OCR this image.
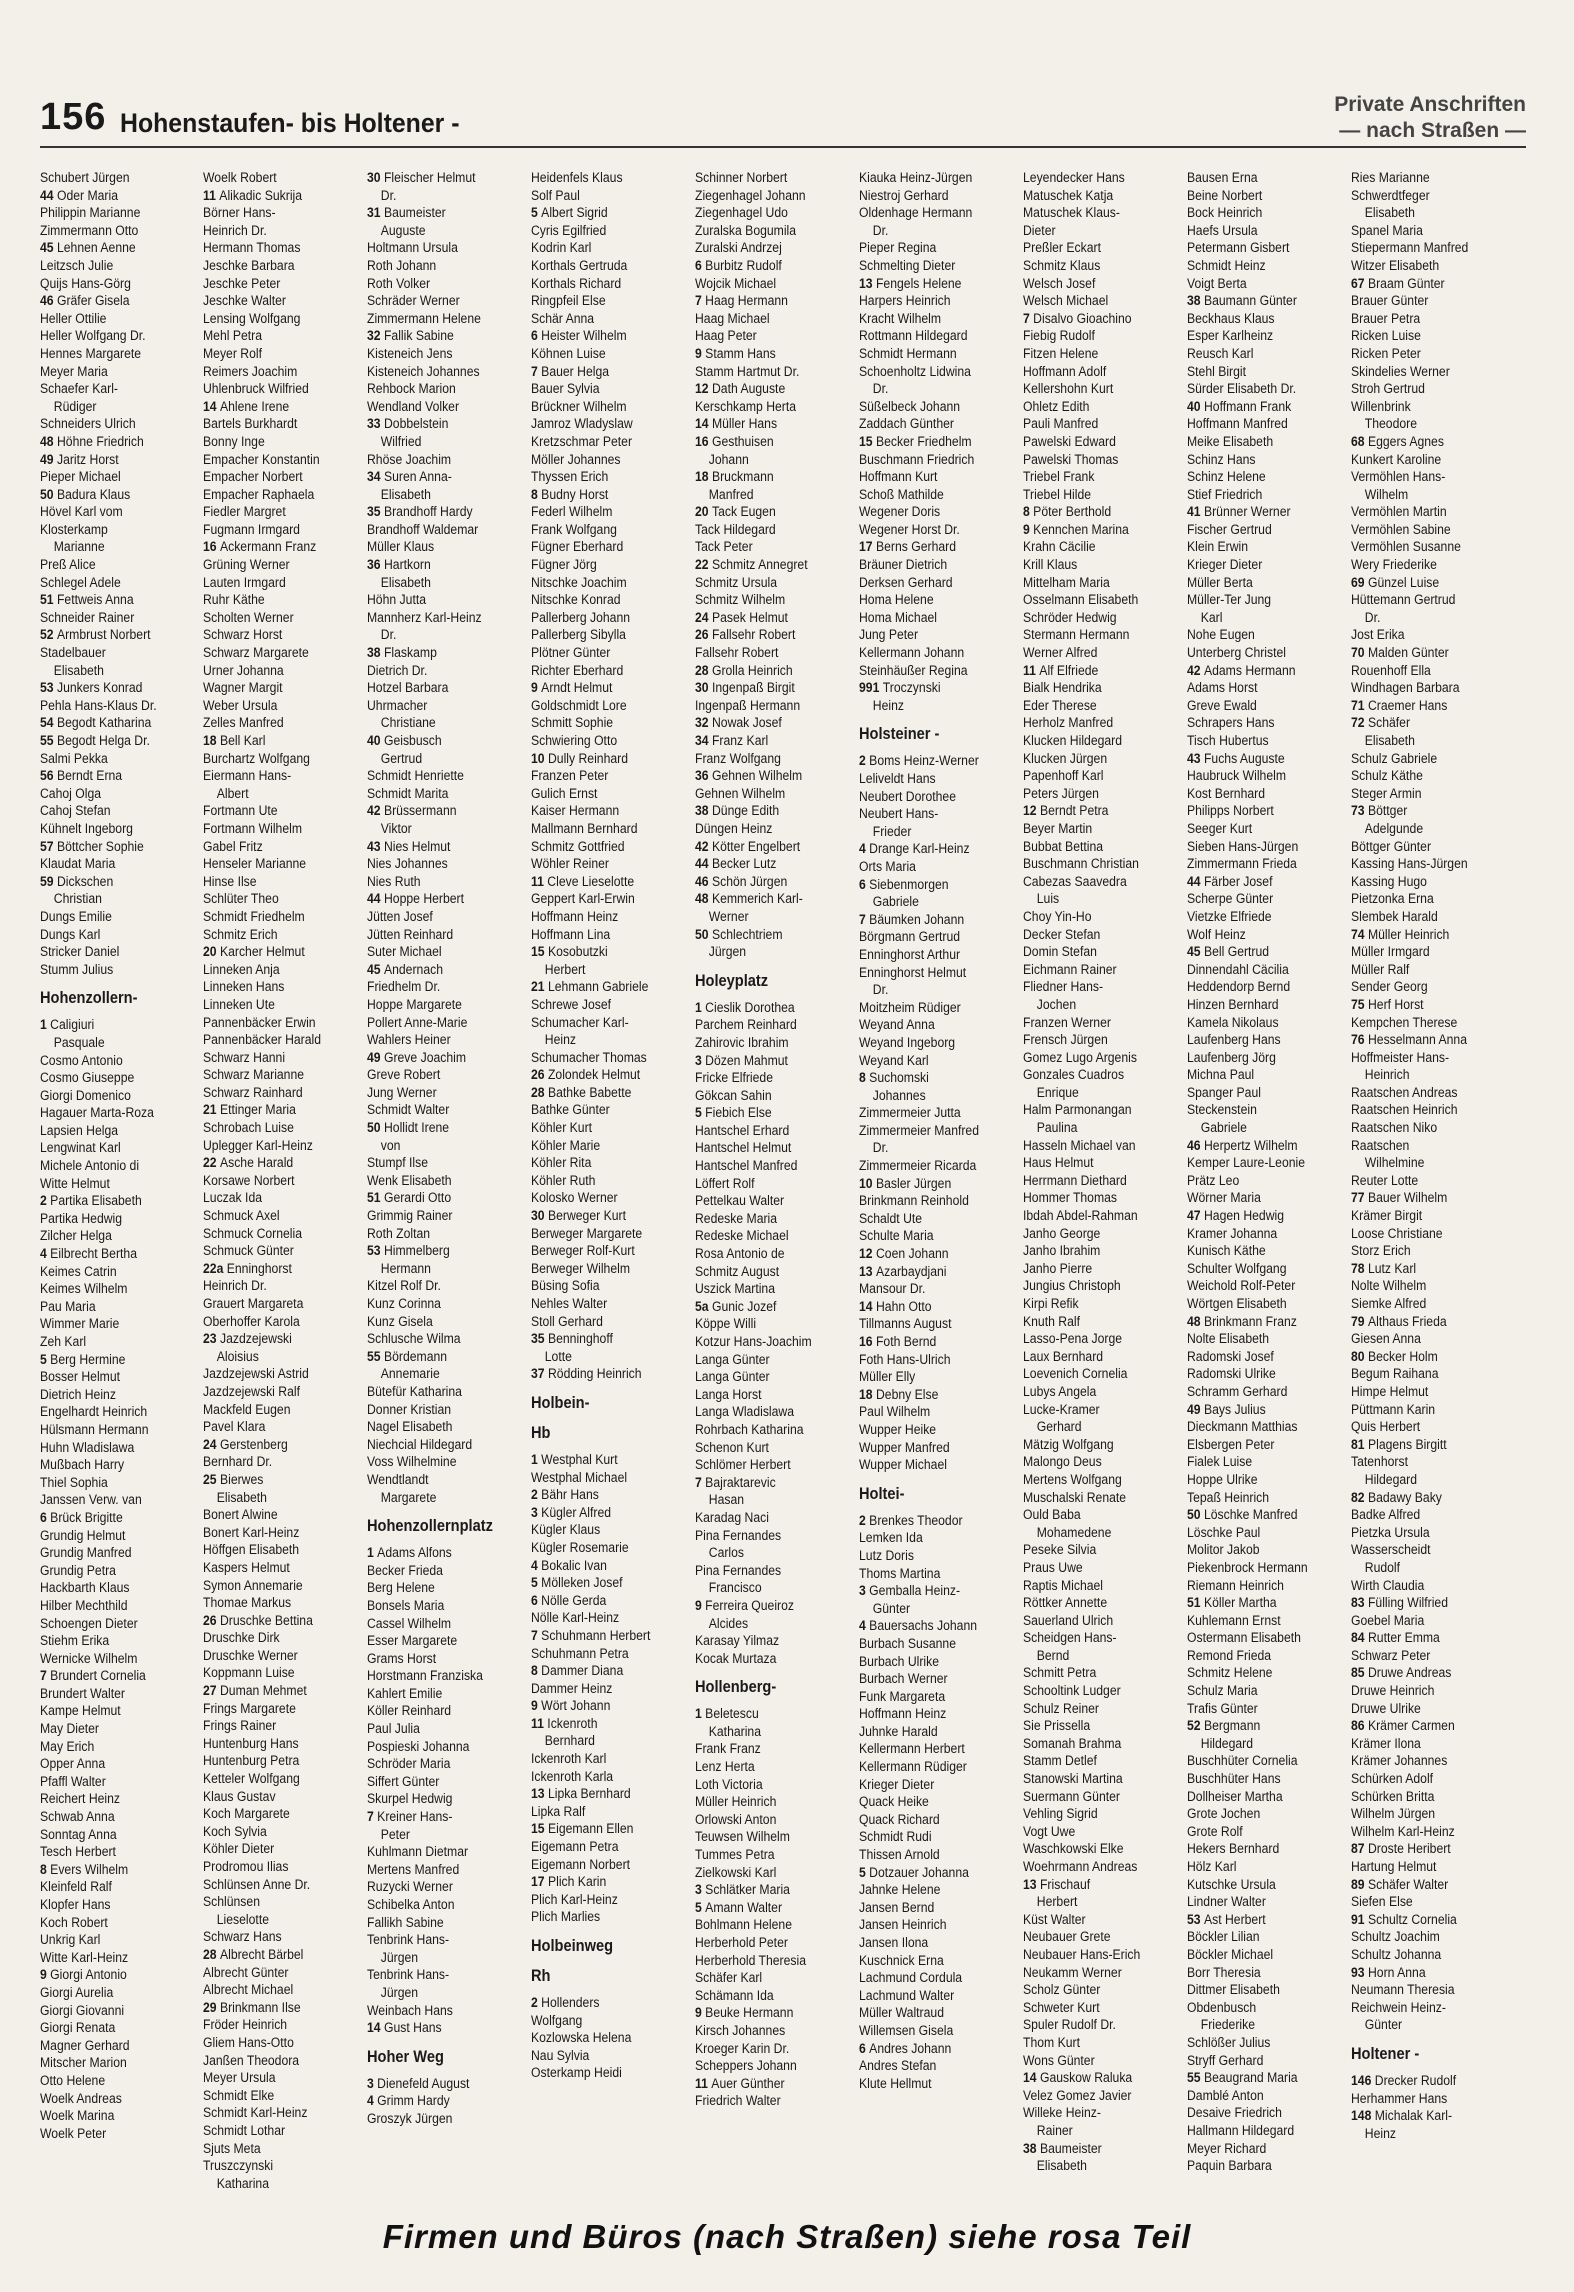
156 Hohenstaufen- bis Holtener -
Private Anschriften
— nach Straßen —
Schubert Jürgen
44 Oder Maria
Philippin Marianne
Zimmermann Otto
45 Lehnen Aenne
Leitzsch Julie
Quijs Hans-Görg
46 Gräfer Gisela
Heller Ottilie
Heller Wolfgang Dr.
Hennes Margarete
Meyer Maria
Schaefer Karl-
Rüdiger
Schneiders Ulrich
48 Höhne Friedrich
49 Jaritz Horst
Pieper Michael
50 Badura Klaus
Hövel Karl vom
Klosterkamp
Marianne
Preß Alice
Schlegel Adele
51 Fettweis Anna
Schneider Rainer
52 Armbrust Norbert
Stadelbauer
Elisabeth
53 Junkers Konrad
Pehla Hans-Klaus Dr.
54 Begodt Katharina
55 Begodt Helga Dr.
Salmi Pekka
56 Berndt Erna
Cahoj Olga
Cahoj Stefan
Kühnelt Ingeborg
57 Böttcher Sophie
Klaudat Maria
59 Dickschen
Christian
Dungs Emilie
Dungs Karl
Stricker Daniel
Stumm Julius
Hohenzollern-
1 Caligiuri
Pasquale
Cosmo Antonio
Cosmo Giuseppe
Giorgi Domenico
Hagauer Marta-Roza
Lapsien Helga
Lengwinat Karl
Michele Antonio di
Witte Helmut
2 Partika Elisabeth
Partika Hedwig
Zilcher Helga
4 Eilbrecht Bertha
Keimes Catrin
Keimes Wilhelm
Pau Maria
Wimmer Marie
Zeh Karl
5 Berg Hermine
Bosser Helmut
Dietrich Heinz
Engelhardt Heinrich
Hülsmann Hermann
Huhn Wladislawa
Mußbach Harry
Thiel Sophia
Janssen Verw. van
6 Brück Brigitte
Grundig Helmut
Grundig Manfred
Grundig Petra
Hackbarth Klaus
Hilber Mechthild
Schoengen Dieter
Stiehm Erika
Wernicke Wilhelm
7 Brundert Cornelia
Brundert Walter
Kampe Helmut
May Dieter
May Erich
Opper Anna
Pfaffl Walter
Reichert Heinz
Schwab Anna
Sonntag Anna
Tesch Herbert
8 Evers Wilhelm
Kleinfeld Ralf
Klopfer Hans
Koch Robert
Unkrig Karl
Witte Karl-Heinz
9 Giorgi Antonio
Giorgi Aurelia
Giorgi Giovanni
Giorgi Renata
Magner Gerhard
Mitscher Marion
Otto Helene
Woelk Andreas
Woelk Marina
Woelk Peter
Woelk Robert
11 Alikadic Sukrija
Börner Hans-
Heinrich Dr.
Hermann Thomas
Jeschke Barbara
Jeschke Peter
Jeschke Walter
Lensing Wolfgang
Mehl Petra
Meyer Rolf
Reimers Joachim
Uhlenbruck Wilfried
14 Ahlene Irene
Bartels Burkhardt
Bonny Inge
Empacher Konstantin
Empacher Norbert
Empacher Raphaela
Fiedler Margret
Fugmann Irmgard
16 Ackermann Franz
Grüning Werner
Lauten Irmgard
Ruhr Käthe
Scholten Werner
Schwarz Horst
Schwarz Margarete
Urner Johanna
Wagner Margit
Weber Ursula
Zelles Manfred
18 Bell Karl
Burchartz Wolfgang
Eiermann Hans-
Albert
Fortmann Ute
Fortmann Wilhelm
Gabel Fritz
Henseler Marianne
Hinse Ilse
Schlüter Theo
Schmidt Friedhelm
Schmitz Erich
20 Karcher Helmut
Linneken Anja
Linneken Hans
Linneken Ute
Pannenbäcker Erwin
Pannenbäcker Harald
Schwarz Hanni
Schwarz Marianne
Schwarz Rainhard
21 Ettinger Maria
Schrobach Luise
Uplegger Karl-Heinz
22 Asche Harald
Korsawe Norbert
Luczak Ida
Schmuck Axel
Schmuck Cornelia
Schmuck Günter
22a Enninghorst
Heinrich Dr.
Grauert Margareta
Oberhoffer Karola
23 Jazdzejewski
Aloisius
Jazdzejewski Astrid
Jazdzejewski Ralf
Mackfeld Eugen
Pavel Klara
24 Gerstenberg
Bernhard Dr.
25 Bierwes
Elisabeth
Bonert Alwine
Bonert Karl-Heinz
Höffgen Elisabeth
Kaspers Helmut
Symon Annemarie
Thomae Markus
26 Druschke Bettina
Druschke Dirk
Druschke Werner
Koppmann Luise
27 Duman Mehmet
Frings Margarete
Frings Rainer
Huntenburg Hans
Huntenburg Petra
Ketteler Wolfgang
Klaus Gustav
Koch Margarete
Koch Sylvia
Köhler Dieter
Prodromou Ilias
Schlünsen Anne Dr.
Schlünsen
Lieselotte
Schwarz Hans
28 Albrecht Bärbel
Albrecht Günter
Albrecht Michael
29 Brinkmann Ilse
Fröder Heinrich
Gliem Hans-Otto
Janßen Theodora
Meyer Ursula
Schmidt Elke
Schmidt Karl-Heinz
Schmidt Lothar
Sjuts Meta
Truszczynski
Katharina
30 Fleischer Helmut
Dr.
31 Baumeister
Auguste
Holtmann Ursula
Roth Johann
Roth Volker
Schräder Werner
Zimmermann Helene
32 Fallik Sabine
Kisteneich Jens
Kisteneich Johannes
Rehbock Marion
Wendland Volker
33 Dobbelstein
Wilfried
Rhöse Joachim
34 Suren Anna-
Elisabeth
35 Brandhoff Hardy
Brandhoff Waldemar
Müller Klaus
36 Hartkorn
Elisabeth
Höhn Jutta
Mannherz Karl-Heinz
Dr.
38 Flaskamp
Dietrich Dr.
Hotzel Barbara
Uhrmacher
Christiane
40 Geisbusch
Gertrud
Schmidt Henriette
Schmidt Marita
42 Brüssermann
Viktor
43 Nies Helmut
Nies Johannes
Nies Ruth
44 Hoppe Herbert
Jütten Josef
Jütten Reinhard
Suter Michael
45 Andernach
Friedhelm Dr.
Hoppe Margarete
Pollert Anne-Marie
Wahlers Heiner
49 Greve Joachim
Greve Robert
Jung Werner
Schmidt Walter
50 Hollidt Irene
von
Stumpf Ilse
Wenk Elisabeth
51 Gerardi Otto
Grimmig Rainer
Roth Zoltan
53 Himmelberg
Hermann
Kitzel Rolf Dr.
Kunz Corinna
Kunz Gisela
Schlusche Wilma
55 Bördemann
Annemarie
Bütefür Katharina
Donner Kristian
Nagel Elisabeth
Niechcial Hildegard
Voss Wilhelmine
Wendtlandt
Margarete
Hohenzollernplatz
1 Adams Alfons
Becker Frieda
Berg Helene
Bonsels Maria
Cassel Wilhelm
Esser Margarete
Grams Horst
Horstmann Franziska
Kahlert Emilie
Köller Reinhard
Paul Julia
Pospieski Johanna
Schröder Maria
Siffert Günter
Skurpel Hedwig
7 Kreiner Hans-
Peter
Kuhlmann Dietmar
Mertens Manfred
Ruzycki Werner
Schibelka Anton
Fallikh Sabine
Tenbrink Hans-
Jürgen
Tenbrink Hans-
Jürgen
Weinbach Hans
14 Gust Hans
Hoher Weg
3 Dienefeld August
4 Grimm Hardy
Groszyk Jürgen
Heidenfels Klaus
Solf Paul
5 Albert Sigrid
Cyris Egilfried
Kodrin Karl
Korthals Gertruda
Korthals Richard
Ringpfeil Else
Schär Anna
6 Heister Wilhelm
Köhnen Luise
7 Bauer Helga
Bauer Sylvia
Brückner Wilhelm
Jamroz Wladyslaw
Kretzschmar Peter
Möller Johannes
Thyssen Erich
8 Budny Horst
Federl Wilhelm
Frank Wolfgang
Fügner Eberhard
Fügner Jörg
Nitschke Joachim
Nitschke Konrad
Pallerberg Johann
Pallerberg Sibylla
Plötner Günter
Richter Eberhard
9 Arndt Helmut
Goldschmidt Lore
Schmitt Sophie
Schwiering Otto
10 Dully Reinhard
Franzen Peter
Gulich Ernst
Kaiser Hermann
Mallmann Bernhard
Schmitz Gottfried
Wöhler Reiner
11 Cleve Lieselotte
Geppert Karl-Erwin
Hoffmann Heinz
Hoffmann Lina
15 Kosobutzki
Herbert
21 Lehmann Gabriele
Schrewe Josef
Schumacher Karl-
Heinz
Schumacher Thomas
26 Zolondek Helmut
28 Bathke Babette
Bathke Günter
Köhler Kurt
Köhler Marie
Köhler Rita
Köhler Ruth
Kolosko Werner
30 Berweger Kurt
Berweger Margarete
Berweger Rolf-Kurt
Berweger Wilhelm
Büsing Sofia
Nehles Walter
Stoll Gerhard
35 Benninghoff
Lotte
37 Rödding Heinrich
Holbein-
Hb
1 Westphal Kurt
Westphal Michael
2 Bähr Hans
3 Kügler Alfred
Kügler Klaus
Kügler Rosemarie
4 Bokalic Ivan
5 Mölleken Josef
6 Nölle Gerda
Nölle Karl-Heinz
7 Schuhmann Herbert
Schuhmann Petra
8 Dammer Diana
Dammer Heinz
9 Wört Johann
11 Ickenroth
Bernhard
Ickenroth Karl
Ickenroth Karla
13 Lipka Bernhard
Lipka Ralf
15 Eigemann Ellen
Eigemann Petra
Eigemann Norbert
17 Plich Karin
Plich Karl-Heinz
Plich Marlies
Holbeinweg
Rh
2 Hollenders
Wolfgang
Kozlowska Helena
Nau Sylvia
Osterkamp Heidi
Schinner Norbert
Ziegenhagel Johann
Ziegenhagel Udo
Zuralska Bogumila
Zuralski Andrzej
6 Burbitz Rudolf
Wojcik Michael
7 Haag Hermann
Haag Michael
Haag Peter
9 Stamm Hans
Stamm Hartmut Dr.
12 Dath Auguste
Kerschkamp Herta
14 Müller Hans
16 Gesthuisen
Johann
18 Bruckmann
Manfred
20 Tack Eugen
Tack Hildegard
Tack Peter
22 Schmitz Annegret
Schmitz Ursula
Schmitz Wilhelm
24 Pasek Helmut
26 Fallsehr Robert
Fallsehr Robert
28 Grolla Heinrich
30 Ingenpaß Birgit
Ingenpaß Hermann
32 Nowak Josef
34 Franz Karl
Franz Wolfgang
36 Gehnen Wilhelm
Gehnen Wilhelm
38 Dünge Edith
Düngen Heinz
42 Kötter Engelbert
44 Becker Lutz
46 Schön Jürgen
48 Kemmerich Karl-
Werner
50 Schlechtriem
Jürgen
Holeyplatz
1 Cieslik Dorothea
Parchem Reinhard
Zahirovic Ibrahim
3 Dözen Mahmut
Fricke Elfriede
Gökcan Sahin
5 Fiebich Else
Hantschel Erhard
Hantschel Helmut
Hantschel Manfred
Löffert Rolf
Pettelkau Walter
Redeske Maria
Redeske Michael
Rosa Antonio de
Schmitz August
Uszick Martina
5a Gunic Jozef
Köppe Willi
Kotzur Hans-Joachim
Langa Günter
Langa Günter
Langa Horst
Langa Wladislawa
Rohrbach Katharina
Schenon Kurt
Schlömer Herbert
7 Bajraktarevic
Hasan
Karadag Naci
Pina Fernandes
Carlos
Pina Fernandes
Francisco
9 Ferreira Queiroz
Alcides
Karasay Yilmaz
Kocak Murtaza
Hollenberg-
1 Beletescu
Katharina
Frank Franz
Lenz Herta
Loth Victoria
Müller Heinrich
Orlowski Anton
Teuwsen Wilhelm
Tummes Petra
Zielkowski Karl
3 Schlätker Maria
5 Amann Walter
Bohlmann Helene
Herberhold Peter
Herberhold Theresia
Schäfer Karl
Schämann Ida
9 Beuke Hermann
Kirsch Johannes
Kroeger Karin Dr.
Scheppers Johann
11 Auer Günther
Friedrich Walter
Kiauka Heinz-Jürgen
Niestroj Gerhard
Oldenhage Hermann
Dr.
Pieper Regina
Schmelting Dieter
13 Fengels Helene
Harpers Heinrich
Kracht Wilhelm
Rottmann Hildegard
Schmidt Hermann
Schoenholtz Lidwina
Dr.
Süßelbeck Johann
Zaddach Günther
15 Becker Friedhelm
Buschmann Friedrich
Hoffmann Kurt
Schoß Mathilde
Wegener Doris
Wegener Horst Dr.
17 Berns Gerhard
Bräuner Dietrich
Derksen Gerhard
Homa Helene
Homa Michael
Jung Peter
Kellermann Johann
Steinhäußer Regina
991 Troczynski
Heinz
Holsteiner -
2 Boms Heinz-Werner
Leliveldt Hans
Neubert Dorothee
Neubert Hans-
Frieder
4 Drange Karl-Heinz
Orts Maria
6 Siebenmorgen
Gabriele
7 Bäumken Johann
Börgmann Gertrud
Enninghorst Arthur
Enninghorst Helmut
Dr.
Moitzheim Rüdiger
Weyand Anna
Weyand Ingeborg
Weyand Karl
8 Suchomski
Johannes
Zimmermeier Jutta
Zimmermeier Manfred
Dr.
Zimmermeier Ricarda
10 Basler Jürgen
Brinkmann Reinhold
Schaldt Ute
Schulte Maria
12 Coen Johann
13 Azarbaydjani
Mansour Dr.
14 Hahn Otto
Tillmanns August
16 Foth Bernd
Foth Hans-Ulrich
Müller Elly
18 Debny Else
Paul Wilhelm
Wupper Heike
Wupper Manfred
Wupper Michael
Holtei-
2 Brenkes Theodor
Lemken Ida
Lutz Doris
Thoms Martina
3 Gemballa Heinz-
Günter
4 Bauersachs Johann
Burbach Susanne
Burbach Ulrike
Burbach Werner
Funk Margareta
Hoffmann Heinz
Juhnke Harald
Kellermann Herbert
Kellermann Rüdiger
Krieger Dieter
Quack Heike
Quack Richard
Schmidt Rudi
Thissen Arnold
5 Dotzauer Johanna
Jahnke Helene
Jansen Bernd
Jansen Heinrich
Jansen Ilona
Kuschnick Erna
Lachmund Cordula
Lachmund Walter
Müller Waltraud
Willemsen Gisela
6 Andres Johann
Andres Stefan
Klute Hellmut
Leyendecker Hans
Matuschek Katja
Matuschek Klaus-
Dieter
Preßler Eckart
Schmitz Klaus
Welsch Josef
Welsch Michael
7 Disalvo Gioachino
Fiebig Rudolf
Fitzen Helene
Hoffmann Adolf
Kellershohn Kurt
Ohletz Edith
Pauli Manfred
Pawelski Edward
Pawelski Thomas
Triebel Frank
Triebel Hilde
8 Pöter Berthold
9 Kennchen Marina
Krahn Cäcilie
Krill Klaus
Mittelham Maria
Osselmann Elisabeth
Schröder Hedwig
Stermann Hermann
Werner Alfred
11 Alf Elfriede
Bialk Hendrika
Eder Therese
Herholz Manfred
Klucken Hildegard
Klucken Jürgen
Papenhoff Karl
Peters Jürgen
12 Berndt Petra
Beyer Martin
Bubbat Bettina
Buschmann Christian
Cabezas Saavedra
Luis
Choy Yin-Ho
Decker Stefan
Domin Stefan
Eichmann Rainer
Fliedner Hans-
Jochen
Franzen Werner
Frensch Jürgen
Gomez Lugo Argenis
Gonzales Cuadros
Enrique
Halm Parmonangan
Paulina
Hasseln Michael van
Haus Helmut
Herrmann Diethard
Hommer Thomas
Ibdah Abdel-Rahman
Janho George
Janho Ibrahim
Janho Pierre
Jungius Christoph
Kirpi Refik
Knuth Ralf
Lasso-Pena Jorge
Laux Bernhard
Loevenich Cornelia
Lubys Angela
Lucke-Kramer
Gerhard
Mätzig Wolfgang
Malongo Deus
Mertens Wolfgang
Muschalski Renate
Ould Baba
Mohamedene
Peseke Silvia
Praus Uwe
Raptis Michael
Röttker Annette
Sauerland Ulrich
Scheidgen Hans-
Bernd
Schmitt Petra
Schooltink Ludger
Schulz Reiner
Sie Prissella
Somanah Brahma
Stamm Detlef
Stanowski Martina
Suermann Günter
Vehling Sigrid
Vogt Uwe
Waschkowski Elke
Woehrmann Andreas
13 Frischauf
Herbert
Küst Walter
Neubauer Grete
Neubauer Hans-Erich
Neukamm Werner
Scholz Günter
Schweter Kurt
Spuler Rudolf Dr.
Thom Kurt
Wons Günter
14 Gauskow Raluka
Velez Gomez Javier
Willeke Heinz-
Rainer
38 Baumeister
Elisabeth
Bausen Erna
Beine Norbert
Bock Heinrich
Haefs Ursula
Petermann Gisbert
Schmidt Heinz
Voigt Berta
38 Baumann Günter
Beckhaus Klaus
Esper Karlheinz
Reusch Karl
Stehl Birgit
Sürder Elisabeth Dr.
40 Hoffmann Frank
Hoffmann Manfred
Meike Elisabeth
Schinz Hans
Schinz Helene
Stief Friedrich
41 Brünner Werner
Fischer Gertrud
Klein Erwin
Krieger Dieter
Müller Berta
Müller-Ter Jung
Karl
Nohe Eugen
Unterberg Christel
42 Adams Hermann
Adams Horst
Greve Ewald
Schrapers Hans
Tisch Hubertus
43 Fuchs Auguste
Haubruck Wilhelm
Kost Bernhard
Philipps Norbert
Seeger Kurt
Sieben Hans-Jürgen
Zimmermann Frieda
44 Färber Josef
Scherpe Günter
Vietzke Elfriede
Wolf Heinz
45 Bell Gertrud
Dinnendahl Cäcilia
Heddendorp Bernd
Hinzen Bernhard
Kamela Nikolaus
Laufenberg Hans
Laufenberg Jörg
Michna Paul
Spanger Paul
Steckenstein
Gabriele
46 Herpertz Wilhelm
Kemper Laure-Leonie
Prätz Leo
Wörner Maria
47 Hagen Hedwig
Kramer Johanna
Kunisch Käthe
Schulter Wolfgang
Weichold Rolf-Peter
Wörtgen Elisabeth
48 Brinkmann Franz
Nolte Elisabeth
Radomski Josef
Radomski Ulrike
Schramm Gerhard
49 Bays Julius
Dieckmann Matthias
Elsbergen Peter
Fialek Luise
Hoppe Ulrike
Tepaß Heinrich
50 Löschke Manfred
Löschke Paul
Molitor Jakob
Piekenbrock Hermann
Riemann Heinrich
51 Köller Martha
Kuhlemann Ernst
Ostermann Elisabeth
Remond Frieda
Schmitz Helene
Schulz Maria
Trafis Günter
52 Bergmann
Hildegard
Buschhüter Cornelia
Buschhüter Hans
Dollheiser Martha
Grote Jochen
Grote Rolf
Hekers Bernhard
Hölz Karl
Kutschke Ursula
Lindner Walter
53 Ast Herbert
Böckler Lilian
Böckler Michael
Borr Theresia
Dittmer Elisabeth
Obdenbusch
Friederike
Schlößer Julius
Stryff Gerhard
55 Beaugrand Maria
Damblé Anton
Desaive Friedrich
Hallmann Hildegard
Meyer Richard
Paquin Barbara
Ries Marianne
Schwerdtfeger
Elisabeth
Spanel Maria
Stiepermann Manfred
Witzer Elisabeth
67 Braam Günter
Brauer Günter
Brauer Petra
Ricken Luise
Ricken Peter
Skindelies Werner
Stroh Gertrud
Willenbrink
Theodore
68 Eggers Agnes
Kunkert Karoline
Vermöhlen Hans-
Wilhelm
Vermöhlen Martin
Vermöhlen Sabine
Vermöhlen Susanne
Wery Friederike
69 Günzel Luise
Hüttemann Gertrud
Dr.
Jost Erika
70 Malden Günter
Rouenhoff Ella
Windhagen Barbara
71 Craemer Hans
72 Schäfer
Elisabeth
Schulz Gabriele
Schulz Käthe
Steger Armin
73 Böttger
Adelgunde
Böttger Günter
Kassing Hans-Jürgen
Kassing Hugo
Pietzonka Erna
Slembek Harald
74 Müller Heinrich
Müller Irmgard
Müller Ralf
Sender Georg
75 Herf Horst
Kempchen Therese
76 Hesselmann Anna
Hoffmeister Hans-
Heinrich
Raatschen Andreas
Raatschen Heinrich
Raatschen Niko
Raatschen
Wilhelmine
Reuter Lotte
77 Bauer Wilhelm
Krämer Birgit
Loose Christiane
Storz Erich
78 Lutz Karl
Nolte Wilhelm
Siemke Alfred
79 Althaus Frieda
Giesen Anna
80 Becker Holm
Begum Raihana
Himpe Helmut
Püttmann Karin
Quis Herbert
81 Plagens Birgitt
Tatenhorst
Hildegard
82 Badawy Baky
Badke Alfred
Pietzka Ursula
Wasserscheidt
Rudolf
Wirth Claudia
83 Fülling Wilfried
Goebel Maria
84 Rutter Emma
Schwarz Peter
85 Druwe Andreas
Druwe Heinrich
Druwe Ulrike
86 Krämer Carmen
Krämer Ilona
Krämer Johannes
Schürken Adolf
Schürken Britta
Wilhelm Jürgen
Wilhelm Karl-Heinz
87 Droste Heribert
Hartung Helmut
89 Schäfer Walter
Siefen Else
91 Schultz Cornelia
Schultz Joachim
Schultz Johanna
93 Horn Anna
Neumann Theresia
Reichwein Heinz-
Günter
Holtener -
146 Drecker Rudolf
Herhammer Hans
148 Michalak Karl-
Heinz
Firmen und Büros (nach Straßen) siehe rosa Teil
